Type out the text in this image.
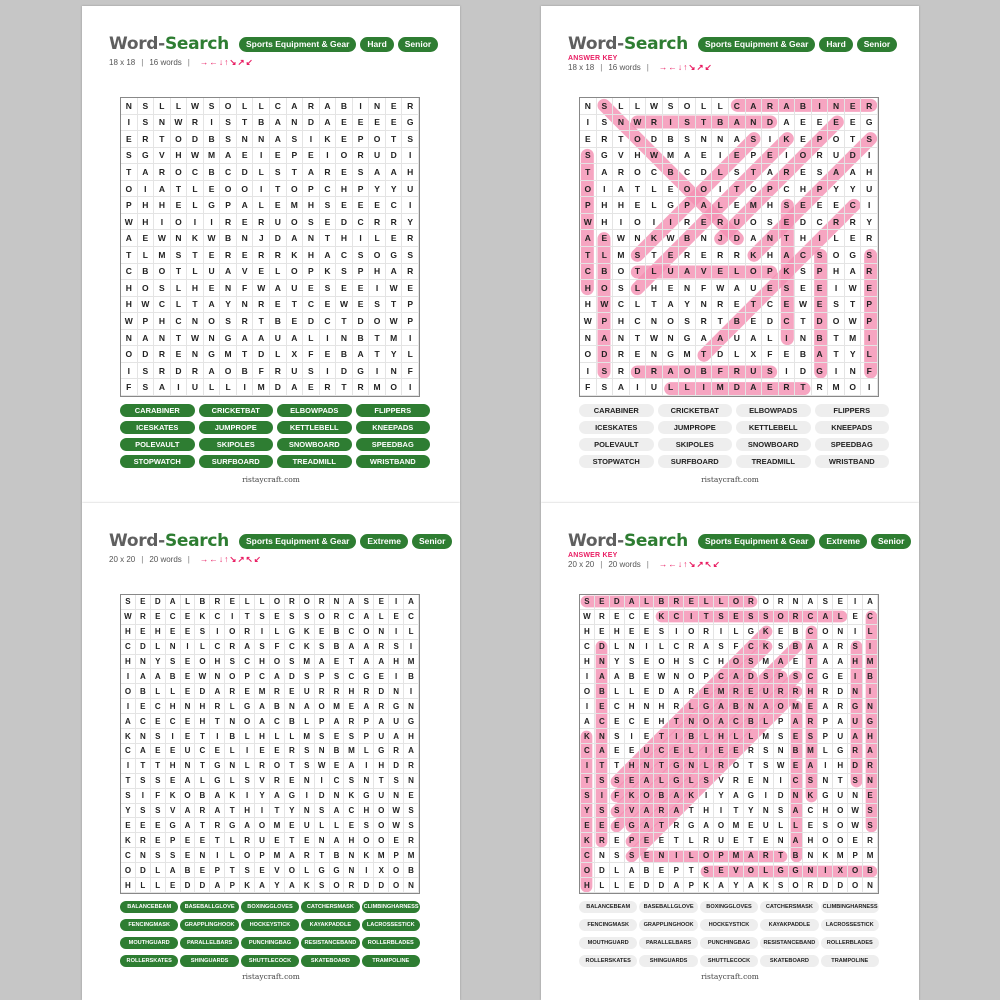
Word-Search	Sports Equipment & Gear	Hard	Senior
18 x 18 | 16 words | →←↓↑↘↗↙
N	S	L	L	W	S	O	L	L	C	A	R	A	B	I	N	E	R
I	S	N	W	R	I	S	T	B	A	N	D	A	E	E	E	E	G
E	R	T	O	D	B	S	N	N	A	S	I	K	E	P	O	T	S
S	G	V	H	W	M	A	E	I	E	P	E	I	O	R	U	D	I
T	A	R	O	C	B	C	D	L	S	T	A	R	E	S	A	A	H
O	I	A	T	L	E	O	O	I	T	O	P	C	H	P	Y	Y	U
P	H	H	E	L	G	P	A	L	E	M	H	S	E	E	E	C	I
W	H	I	O	I	I	R	E	R	U	O	S	E	D	C	R	R	Y
A	E	W	N	K	W	B	N	J	D	A	N	T	H	I	L	E	R
T	L	M	S	T	E	R	E	R	R	K	H	A	C	S	O	G	S
C	B	O	T	L	U	A	V	E	L	O	P	K	S	P	H	A	R
H	O	S	L	H	E	N	F	W	A	U	E	S	E	E	I	W	E
H	W	C	L	T	A	Y	N	R	E	T	C	E	W	E	S	T	P
W	P	H	C	N	O	S	R	T	B	E	D	C	T	D	O	W	P
N	A	N	T	W	N	G	A	A	U	A	L	I	N	B	T	M	I
O	D	R	E	N	G	M	T	D	L	X	F	E	B	A	T	Y	L
I	S	R	D	R	A	O	B	F	R	U	S	I	D	G	I	N	F
F	S	A	I	U	L	L	I	M	D	A	E	R	T	R	M	O	I
CARABINER	CRICKETBAT	ELBOWPADS	FLIPPERS
ICESKATES	JUMPROPE	KETTLEBELL	KNEEPADS
POLEVAULT	SKIPOLES	SNOWBOARD	SPEEDBAG
STOPWATCH	SURFBOARD	TREADMILL	WRISTBAND
ristaycraft.com
Word-Search	Sports Equipment & Gear	Hard	Senior
ANSWER KEY
18 x 18 | 16 words | →←↓↑↘↗↙
N	S	L	L	W	S	O	L	L	C	A	R	A	B	I	N	E	R
I	S	N	W	R	I	S	T	B	A	N	D	A	E	E	E	E	G
E	R	T	O	D	B	S	N	N	A	S	I	K	E	P	O	T	S
S	G	V	H	W	M	A	E	I	E	P	E	I	O	R	U	D	I
T	A	R	O	C	B	C	D	L	S	T	A	R	E	S	A	A	H
O	I	A	T	L	E	O	O	I	T	O	P	C	H	P	Y	Y	U
P	H	H	E	L	G	P	A	L	E	M	H	S	E	E	E	C	I
W	H	I	O	I	I	R	E	R	U	O	S	E	D	C	R	R	Y
A	E	W	N	K	W	B	N	J	D	A	N	T	H	I	L	E	R
T	L	M	S	T	E	R	E	R	R	K	H	A	C	S	O	G	S
C	B	O	T	L	U	A	V	E	L	O	P	K	S	P	H	A	R
H	O	S	L	H	E	N	F	W	A	U	E	S	E	E	I	W	E
H	W	C	L	T	A	Y	N	R	E	T	C	E	W	E	S	T	P
W	P	H	C	N	O	S	R	T	B	E	D	C	T	D	O	W	P
N	A	N	T	W	N	G	A	A	U	A	L	I	N	B	T	M	I
O	D	R	E	N	G	M	T	D	L	X	F	E	B	A	T	Y	L
I	S	R	D	R	A	O	B	F	R	U	S	I	D	G	I	N	F
F	S	A	I	U	L	L	I	M	D	A	E	R	T	R	M	O	I
CARABINER	CRICKETBAT	ELBOWPADS	FLIPPERS
ICESKATES	JUMPROPE	KETTLEBELL	KNEEPADS
POLEVAULT	SKIPOLES	SNOWBOARD	SPEEDBAG
STOPWATCH	SURFBOARD	TREADMILL	WRISTBAND
ristaycraft.com
Word-Search	Sports Equipment & Gear	Extreme	Senior
20 x 20 | 20 words | →←↓↑↘↗↖↙
S	E	D	A	L	B	R	E	L	L	O	R	O	R	N	A	S	E	I	A
W	R	E	C	E	K	C	I	T	S	E	S	S	O	R	C	A	L	E	C
H	E	H	E	E	S	I	O	R	I	L	G	K	E	B	C	O	N	I	L
C	D	L	N	I	L	C	R	A	S	F	C	K	S	B	A	A	R	S	I
H	N	Y	S	E	O	H	S	C	H	O	S	M	A	E	T	A	A	H	M
I	A	A	B	E	W	N	O	P	C	A	D	S	P	S	C	G	E	I	B
O	B	L	L	E	D	A	R	E	M	R	E	U	R	R	H	R	D	N	I
I	E	C	H	N	H	R	L	G	A	B	N	A	O	M	E	A	R	G	N
A	C	E	C	E	H	T	N	O	A	C	B	L	P	A	R	P	A	U	G
K	N	S	I	E	T	I	B	L	H	L	L	M	S	E	S	P	U	A	H
C	A	E	E	U	C	E	L	I	E	E	R	S	N	B	M	L	G	R	A
I	T	T	H	N	T	G	N	L	R	O	T	S	W	E	A	I	H	D	R
T	S	S	E	A	L	G	L	S	V	R	E	N	I	C	S	N	T	S	N
S	I	F	K	O	B	A	K	I	Y	A	G	I	D	N	K	G	U	N	E
Y	S	S	V	A	R	A	T	H	I	T	Y	N	S	A	C	H	O	W	S
E	E	E	G	A	T	R	G	A	O	M	E	U	L	L	E	S	O	W	S
K	R	E	P	E	E	T	L	R	U	E	T	E	N	A	H	O	O	E	R
C	N	S	S	E	N	I	L	O	P	M	A	R	T	B	N	K	M	P	M
O	D	L	A	B	E	P	T	S	E	V	O	L	G	G	N	I	X	O	B
H	L	L	E	D	D	A	P	K	A	Y	A	K	S	O	R	D	D	O	N
BALANCEBEAM	BASEBALLGLOVE	BOXINGGLOVES	CATCHERSMASK	CLIMBINGHARNESS
FENCINGMASK	GRAPPLINGHOOK	HOCKEYSTICK	KAYAKPADDLE	LACROSSESTICK
MOUTHGUARD	PARALLELBARS	PUNCHINGBAG	RESISTANCEBAND	ROLLERBLADES
ROLLERSKATES	SHINGUARDS	SHUTTLECOCK	SKATEBOARD	TRAMPOLINE
ristaycraft.com
Word-Search	Sports Equipment & Gear	Extreme	Senior
ANSWER KEY
20 x 20 | 20 words | →←↓↑↘↗↖↙
S	E	D	A	L	B	R	E	L	L	O	R	O	R	N	A	S	E	I	A
W	R	E	C	E	K	C	I	T	S	E	S	S	O	R	C	A	L	E	C
H	E	H	E	E	S	I	O	R	I	L	G	K	E	B	C	O	N	I	L
C	D	L	N	I	L	C	R	A	S	F	C	K	S	B	A	A	R	S	I
H	N	Y	S	E	O	H	S	C	H	O	S	M	A	E	T	A	A	H	M
I	A	A	B	E	W	N	O	P	C	A	D	S	P	S	C	G	E	I	B
O	B	L	L	E	D	A	R	E	M	R	E	U	R	R	H	R	D	N	I
I	E	C	H	N	H	R	L	G	A	B	N	A	O	M	E	A	R	G	N
A	C	E	C	E	H	T	N	O	A	C	B	L	P	A	R	P	A	U	G
K	N	S	I	E	T	I	B	L	H	L	L	M	S	E	S	P	U	A	H
C	A	E	E	U	C	E	L	I	E	E	R	S	N	B	M	L	G	R	A
I	T	T	H	N	T	G	N	L	R	O	T	S	W	E	A	I	H	D	R
T	S	S	E	A	L	G	L	S	V	R	E	N	I	C	S	N	T	S	N
S	I	F	K	O	B	A	K	I	Y	A	G	I	D	N	K	G	U	N	E
Y	S	S	V	A	R	A	T	H	I	T	Y	N	S	A	C	H	O	W	S
E	E	E	G	A	T	R	G	A	O	M	E	U	L	L	E	S	O	W	S
K	R	E	P	E	E	T	L	R	U	E	T	E	N	A	H	O	O	E	R
C	N	S	S	E	N	I	L	O	P	M	A	R	T	B	N	K	M	P	M
O	D	L	A	B	E	P	T	S	E	V	O	L	G	G	N	I	X	O	B
H	L	L	E	D	D	A	P	K	A	Y	A	K	S	O	R	D	D	O	N
BALANCEBEAM	BASEBALLGLOVE	BOXINGGLOVES	CATCHERSMASK	CLIMBINGHARNESS
FENCINGMASK	GRAPPLINGHOOK	HOCKEYSTICK	KAYAKPADDLE	LACROSSESTICK
MOUTHGUARD	PARALLELBARS	PUNCHINGBAG	RESISTANCEBAND	ROLLERBLADES
ROLLERSKATES	SHINGUARDS	SHUTTLECOCK	SKATEBOARD	TRAMPOLINE
ristaycraft.com
